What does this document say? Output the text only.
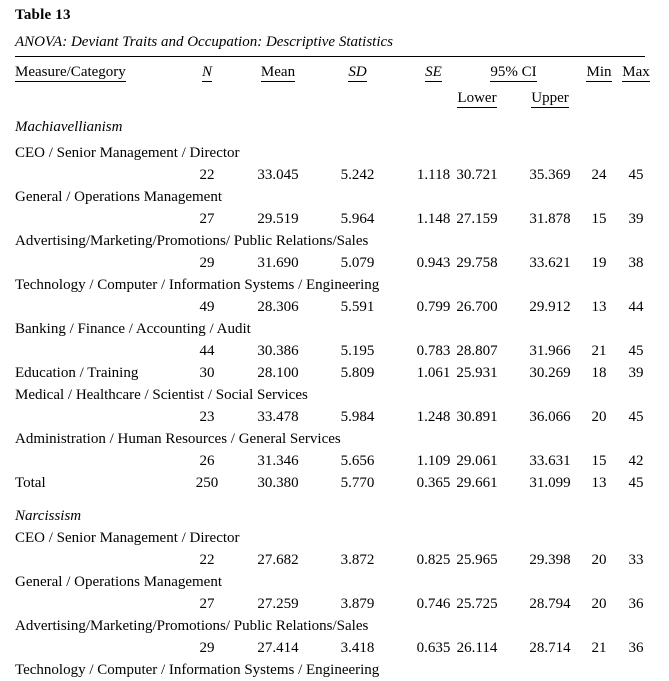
Table 13
ANOVA: Deviant Traits and Occupation: Descriptive Statistics
Measure/Category	N	Mean	SD	SE	95% CI	Min Max
Lower	Upper
Machiavellianism
CEO / Senior Management / Director
22	33.045	5.242	1.118 30.721	35.369	24	45
General / Operations Management
27	29.519	5.964	1.148 27.159	31.878	15	39
Advertising/Marketing/Promotions/ Public Relations/Sales
29	31.690	5.079	0.943 29.758	33.621	19	38
Technology / Computer / Information Systems / Engineering
49	28.306	5.591	0.799 26.700	29.912	13	44
Banking / Finance / Accounting / Audit
44	30.386	5.195	0.783 28.807	31.966	21	45
Education / Training	30	28.100	5.809	1.061 25.931	30.269	18	39
Medical / Healthcare / Scientist / Social Services
23	33.478	5.984	1.248 30.891	36.066	20	45
Administration / Human Resources / General Services
26	31.346	5.656	1.109 29.061	33.631	15	42
Total	250	30.380	5.770	0.365 29.661	31.099	13	45
Narcissism
CEO / Senior Management / Director
22	27.682	3.872	0.825 25.965	29.398	20	33
General / Operations Management
27	27.259	3.879	0.746 25.725	28.794	20	36
Advertising/Marketing/Promotions/ Public Relations/Sales
29	27.414	3.418	0.635 26.114	28.714	21	36
Technology / Computer / Information Systems / Engineering
